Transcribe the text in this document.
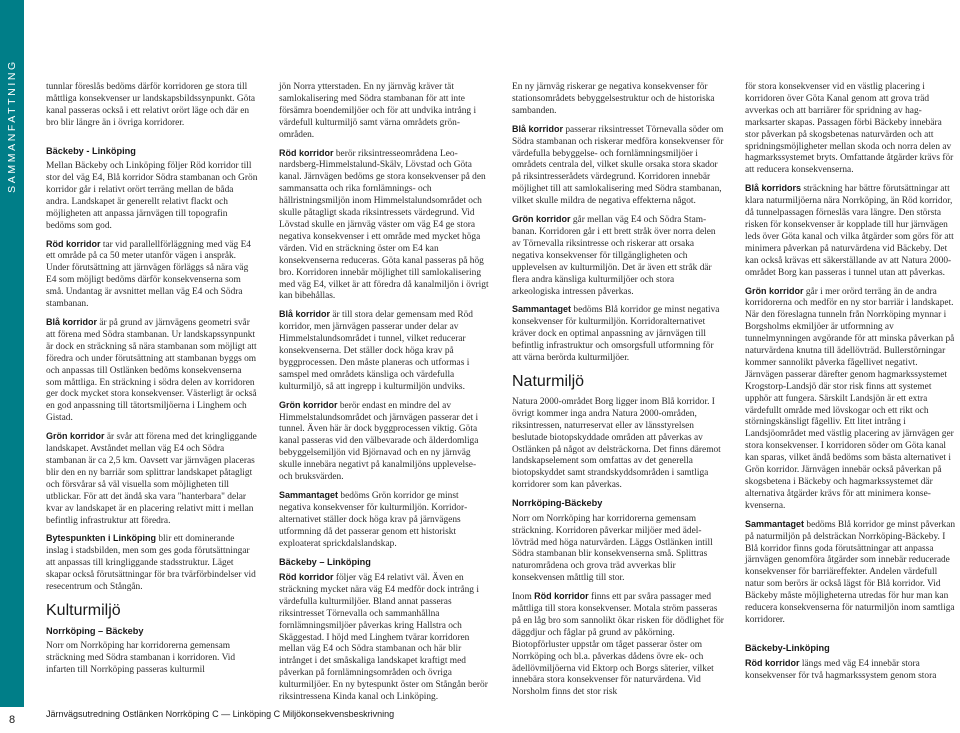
SAMMANFATTNING
8	Järnvägsutredning Ostlänken Norrköping C — Linköping C Miljökonsekvensbeskrivning

tunnlar föreslås bedöms därför korridoren ge stora till måttliga konsekvenser ur landskapsbildssynpunkt. Göta kanal passeras också i ett relativt orört läge och där en bro blir längre än i övriga korridorer.

Bäckeby - Linköping

Mellan Bäckeby och Linköping följer Röd korridor till stor del väg E4, Blå korridor Södra stambanan och Grön korridor går i relativt orört terräng mellan de båda andra. Landskapet är generellt relativt flackt och möjligheten att anpassa järnvägen till topografin bedöms som god.

Röd korridor tar vid parallellförläggning med väg E4 ett område på ca 50 meter utanför vägen i anspråk. Under förutsättning att järnvägen förläggs så nära väg E4 som möjligt bedöms därför konsekvenserna som små. Undantag är avsnittet mellan väg E4 och Södra stambanan.

Blå korridor är på grund av järnvägens geometri svår att förena med Södra stambanan. Ur landskapssynpunkt är dock en sträckning så nära stambanan som möjligt att föredra och under förutsättning att stambanan byggs om och anpassas till Ostlänken bedöms konsekvenserna som måttliga. En sträckning i södra delen av korridoren ger dock mycket stora konsekvenser. Västerligt är också en god anpassning till tätortsmiljöerna i Linghem och Gistad.

Grön korridor är svår att förena med det kringliggande landskapet. Avståndet mellan väg E4 och Södra stambanan är ca 2,5 km. Oavsett var järnvägen placeras blir den en ny barriär som splittrar landskapet påtagligt och försvårar så väl visuella som möjligheten till utblickar. För att det ändå ska vara "hanterbara" delar kvar av landskapet är en placering relativt mitt i mellan befintlig infrastruktur att föredra.

Bytespunkten i Linköping blir ett dominerande inslag i stadsbilden, men som ges goda förutsättningar att anpassas till kringliggande stadsstruktur. Läget skapar också förutsättningar för bra tvärförbindelser vid resecentrum och Stångån.

Kulturmiljö
Norrköping – Bäckeby

Norr om Norrköping har korridorerna gemensam sträckning med Södra stambanan i korridoren. Vid infarten till Norrköping passeras kulturmil

jön Norra ytterstaden. En ny järnväg kräver tät samlokalisering med Södra stambanan för att inte försämra boendemiljöer och för att undvika intrång i värdefull kulturmiljö samt värna områdets grönområden.

Röd korridor berör riksintresseområdena Leonardsberg-Himmelstalund-Skälv, Lövstad och Göta kanal. Järnvägen bedöms ge stora konsekvenser på den sammansatta och rika fornlämnings- och hällristningsmiljön inom Himmelstalundsområdet och skulle påtagligt skada riksintressets värdegrund. Vid Lövstad skulle en järnväg väster om väg E4 ge stora negativa konsekvenser i ett område med mycket höga värden. Vid en sträckning öster om E4 kan konsekvenserna reduceras. Göta kanal passeras på hög bro. Korridoren innebär möjlighet till samlokalisering med väg E4, vilket är att föredra då kanalmiljön i övrigt kan bibehållas.

Blå korridor är till stora delar gemensam med Röd korridor, men järnvägen passerar under delar av Himmelstalundsområdet i tunnel, vilket reducerar konsekvenserna. Det ställer dock höga krav på byggprocessen. Den måste planeras och utformas i samspel med områdets känsliga och värdefulla kulturmiljö, så att ingrepp i kulturmiljön undviks.

Grön korridor berör endast en mindre del av Himmelstalundsområdet och järnvägen passerar det i tunnel. Även här är dock byggprocessen viktig. Göta kanal passeras vid den välbevarade och älderdomliga bebyggelsemiljön vid Björnavad och en ny järnväg skulle innebära negativt på kanalmiljöns upplevelse- och bruksvärden.

Sammantaget bedöms Grön korridor ge minst negativa konsekvenser för kulturmiljön. Korridoralternativet ställer dock höga krav på järnvägens utformning då det passerar genom ett historiskt exploaterat sprickdalslandskap.

Bäckeby – Linköping

Röd korridor följer väg E4 relativt väl. Även en sträckning mycket nära väg E4 medför dock intrång i värdefulla kulturmiljöer. Bland annat passeras riksintresset Törnevalla och sammanhållna fornlämningsmiljöer påverkas kring Hallstra och Skäggestad. I höjd med Linghem tvärar korridoren mellan väg E4 och Södra stambanan och här blir intrånget i det småskaliga landskapet kraftigt med påverkan på fornlämningsområden och övriga kulturmiljöer. En ny bytespunkt öster om Stångån berör riksintressena Kinda kanal och Linköping.

En ny järnväg riskerar ge negativa konsekvenser för stationsområdets bebyggelsestruktur och de historiska sambanden.

Blå korridor passerar riksintresset Törnevalla söder om Södra stambanan och riskerar medföra konsekvenser för värdefulla bebyggelse- och fornlämningsmiljöer i områdets centrala del, vilket skulle orsaka stora skador på riksintresserådets värdegrund. Korridoren innebär möjlighet till att samlokalisering med Södra stambanan, vilket skulle mildra de negativa effekterna något.

Grön korridor går mellan väg E4 och Södra Stambanan. Korridoren går i ett brett stråk över norra delen av Törnevalla riksintresse och riskerar att orsaka negativa konsekvenser för tillgängligheten och upplevelsen av kulturmiljön. Det är även ett stråk där flera andra känsliga kulturmiljöer och stora arkeologiska intressen påverkas.

Sammantaget bedöms Blå korridor ge minst negativa konsekvenser för kulturmiljön. Korridoralternativet kräver dock en optimal anpassning av järnvägen till befintlig infrastruktur och omsorgsfull utformning för att värna berörda kulturmiljöer.

Naturmiljö

Natura 2000-området Borg ligger inom Blå korridor. I övrigt kommer inga andra Natura 2000-områden, riksintressen, naturreservat eller av länsstyrelsen beslutade biotopskyddade områden att påverkas av Ostlänken på något av delsträckorna. Det finns däremot landskapselement som omfattas av det generella biotopskyddet samt strandskyddsområden i samtliga korridorer som kan påverkas.

Norrköping-Bäckeby

Norr om Norrköping har korridorerna gemensam sträckning. Korridoren påverkar miljöer med ädellövträd med höga naturvärden. Läggs Ostlänken intill Södra stambanan blir konsekvenserna små. Splittras naturområdena och grova träd avverkas blir konsekvensen måttlig till stor.

Inom Röd korridor finns ett par svåra passager med måttliga till stora konsekvenser. Motala ström passeras på en låg bro som sannolikt ökar risken för dödlighet för däggdjur och fåglar på grund av påkörning. Biotopförluster uppstår om tåget passerar öster om Norrköping och bl.a. påverkas dådens övre ek- och ädellövmiljöerna vid Ektorp och Borgs säterier, vilket innebära stora konsekvenser för naturvärdena. Vid Norsholm finns det stor risk

för stora konsekvenser vid en västlig placering i korridoren över Göta Kanal genom att grova träd avverkas och att barriärer för spridning av hagmarksarter skapas. Passagen förbi Bäckeby innebära stor påverkan på skogsbetenas naturvärden och att spridningsmöjligheter mellan skoda och norra delen av hagmarkssystemet bryts. Omfattande åtgärder krävs för att reducera konsekvenserna.

Blå korridors sträckning har bättre förutsättningar att klara naturmiljöerna nära Norrköping, än Röd korridor, då tunnelpassagen förnesläs vara längre. Den största risken för konsekvenser är kopplade till hur järnvägen leds över Göta kanal och vilka åtgärder som görs för att minimera påverkan på naturvärdena vid Bäckeby. Det kan också krävas ett säkerställande av att Natura 2000-området Borg kan passeras i tunnel utan att påverkas.

Grön korridor går i mer orörd terräng än de andra korridorerna och medför en ny stor barriär i landskapet. När den föreslagna tunneln från Norrköping mynnar i Borgsholms ekmiljöer är utformning av tunnelmynningen avgörande för att minska påverkan på naturvärdena knutna till ädellövträd. Bullerstörningar kommer sannolikt påverka fågellivet negativt. Järnvägen passerar därefter genom hagmarkssystemet Krogstorp-Landsjö där stor risk finns att systemet upphör att fungera. Särskilt Landsjön är ett extra värdefullt område med lövskogar och ett rikt och störningskänsligt fågelliv. Ett litet intrång i Landsjöområdet med västlig placering av järnvägen ger stora konsekvenser. I korridoren söder om Göta kanal kan sparas, vilket ändå bedöms som bästa alternativet i Grön korridor. Järnvägen innebär också påverkan på skogsbetena i Bäckeby och hagmarkssystemet där alternativa åtgärder krävs för att minimera konsekvenserna.

Sammantaget bedöms Blå korridor ge minst påverkan på naturmiljön på delsträckan Norrköping-Bäckeby. I Blå korridor finns goda förutsättningar att anpassa järnvägen genomföra åtgärder som innebär reducerade konsekvenser för barriäreffekter. Andelen värdefull natur som berörs är också lägst för Blå korridor. Vid Bäckeby måste möjligheterna utredas för hur man kan reducera konsekvenserna för naturmiljön inom samtliga korridorer.

Bäckeby-Linköping

Röd korridor längs med väg E4 innebär stora konsekvenser för två hagmarkssystem genom stora
